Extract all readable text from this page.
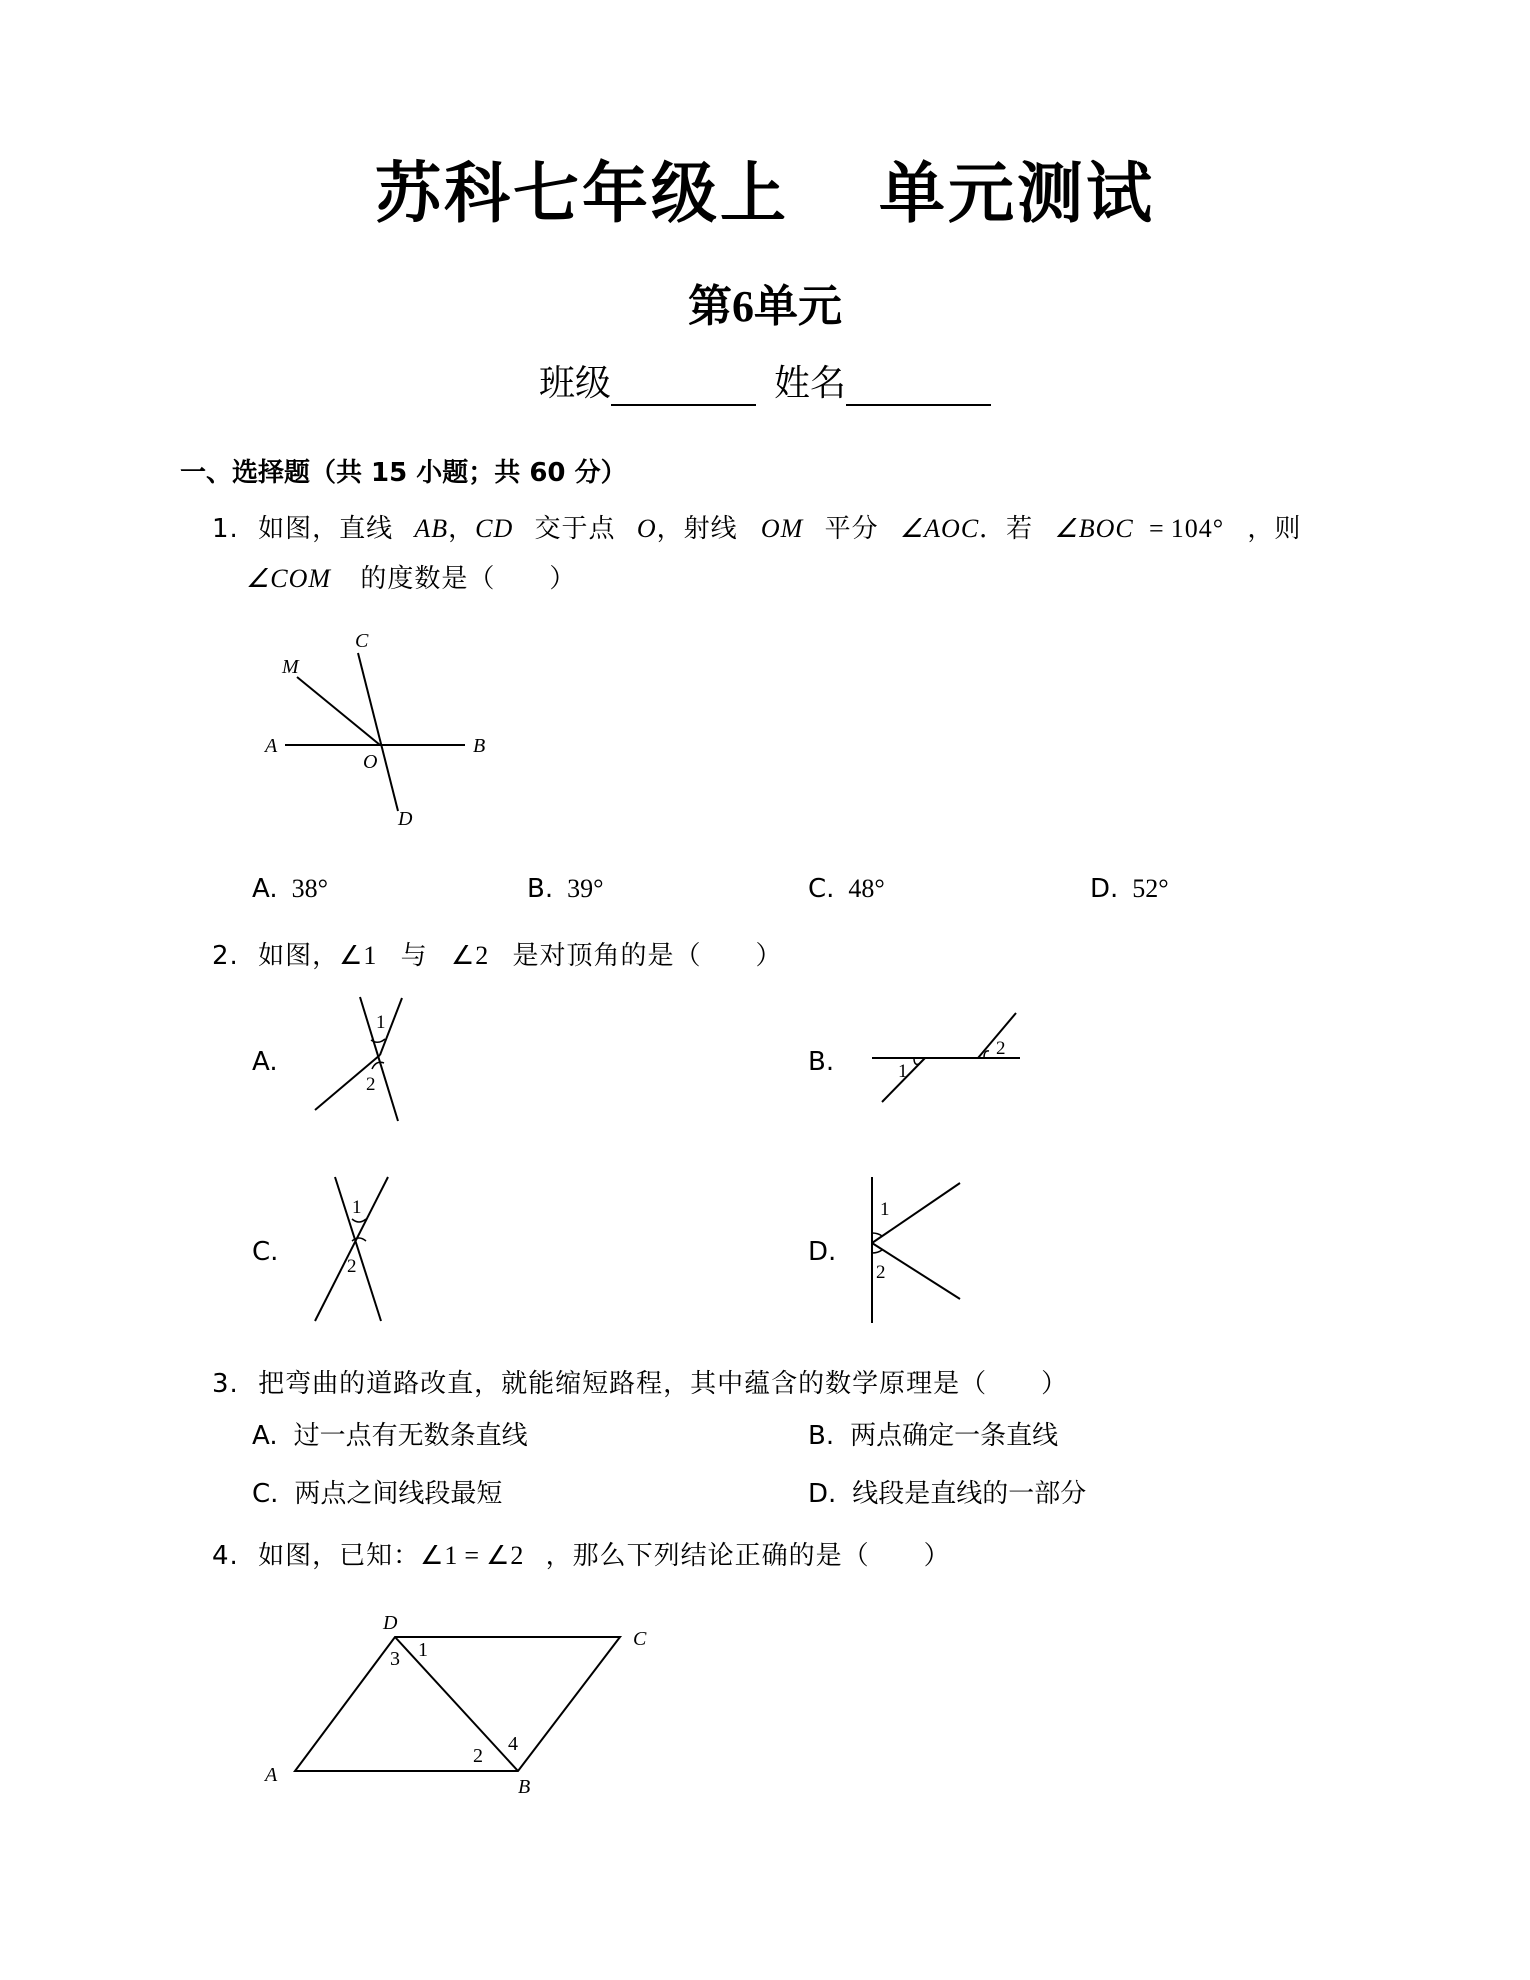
苏科七年级上 单元测试
第6单元
班级	姓名
一、选择题（共 15 小题；共 60 分）
1. 如图，直线 AB，CD 交于点 O，射线 OM 平分 ∠AOC．若 ∠BOC = 104° ，则
∠COM 的度数是（　　）
C
M
A	B
O
D
A. 38°	B. 39°	C. 48°	D. 52°
2. 如图，∠1 与 ∠2 是对顶角的是（　　）
A.
1
2
B.	1
2
C.
1
2	D.
1
2
3. 把弯曲的道路改直，就能缩短路程，其中蕴含的数学原理是（　　）
A. 过一点有无数条直线	B. 两点确定一条直线
C. 两点之间线段最短	D. 线段是直线的一部分
4. 如图，已知：∠1 = ∠2 ，那么下列结论正确的是（　　）
D
C
A
B
1
3
2
4
